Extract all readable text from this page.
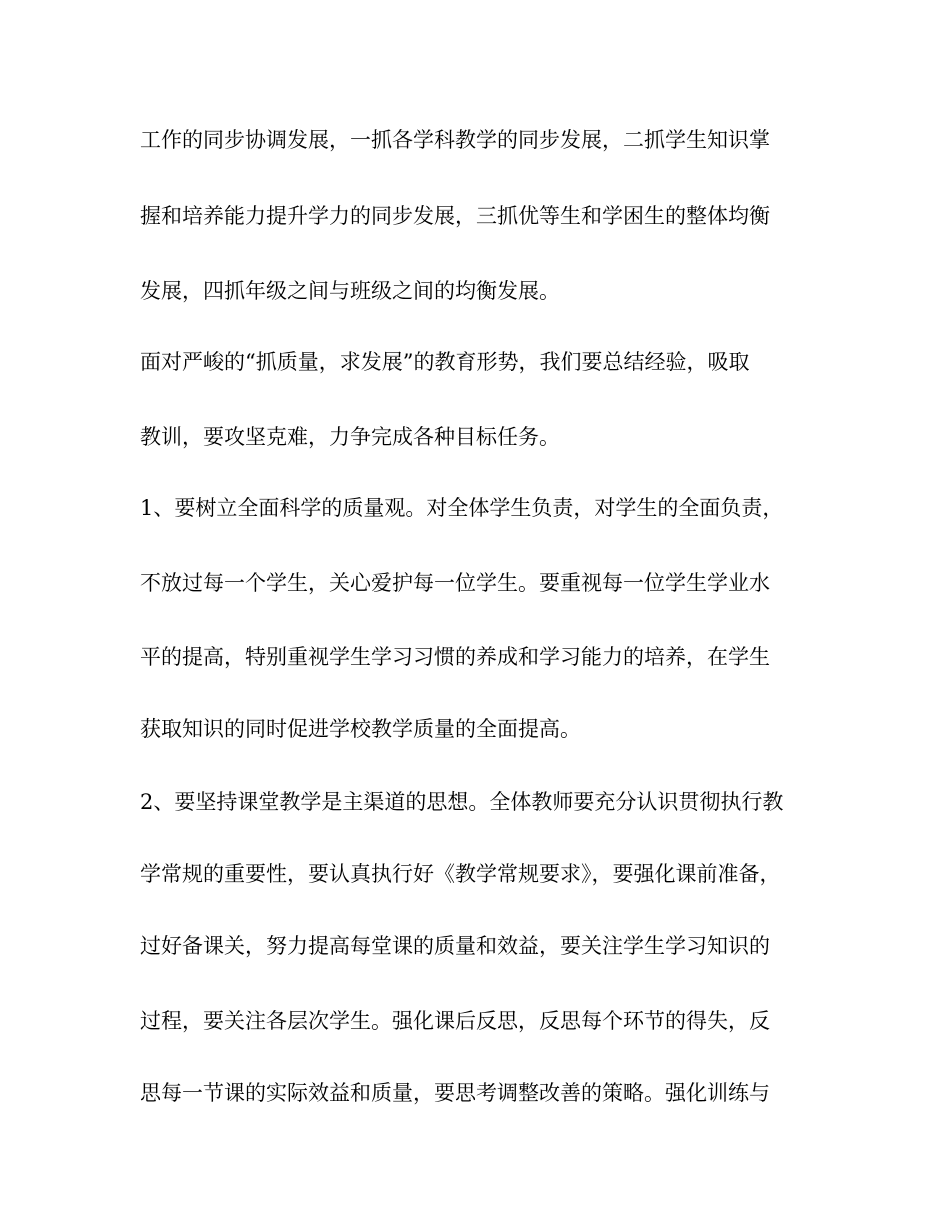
工作的同步协调发展，一抓各学科教学的同步发展，二抓学生知识掌
握和培养能力提升学力的同步发展，三抓优等生和学困生的整体均衡
发展，四抓年级之间与班级之间的均衡发展。
面对严峻的“抓质量，求发展”的教育形势，我们要总结经验，吸取
教训，要攻坚克难，力争完成各种目标任务。
1、要树立全面科学的质量观。对全体学生负责，对学生的全面负责，
不放过每一个学生，关心爱护每一位学生。要重视每一位学生学业水
平的提高，特别重视学生学习习惯的养成和学习能力的培养，在学生
获取知识的同时促进学校教学质量的全面提高。
2、要坚持课堂教学是主渠道的思想。全体教师要充分认识贯彻执行教
学常规的重要性，要认真执行好《教学常规要求》，要强化课前准备，
过好备课关，努力提高每堂课的质量和效益，要关注学生学习知识的
过程，要关注各层次学生。强化课后反思，反思每个环节的得失，反
思每一节课的实际效益和质量，要思考调整改善的策略。强化训练与
